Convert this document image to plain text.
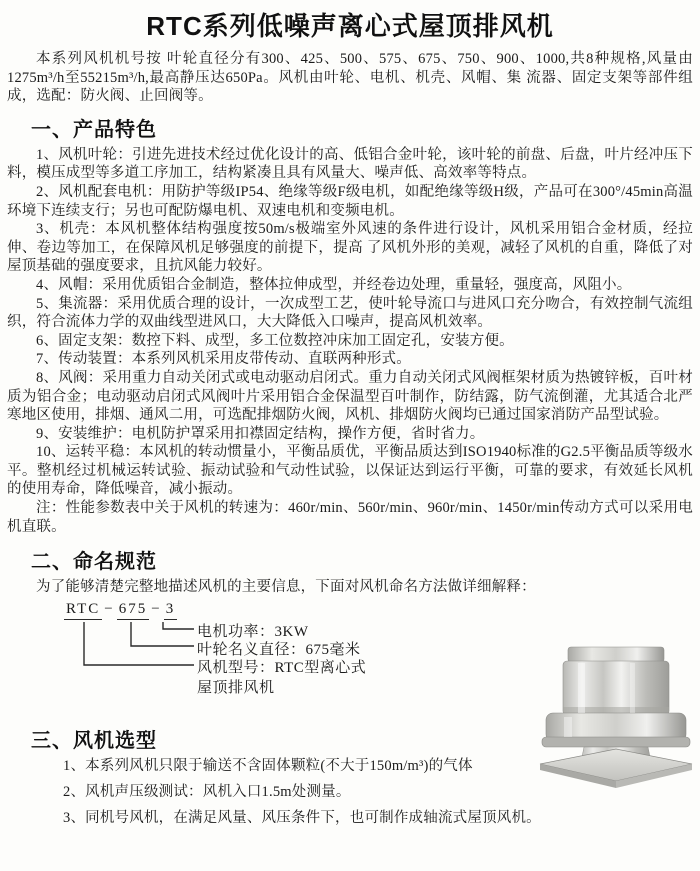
RTC系列低噪声离心式屋顶排风机

本系列风机机号按 叶轮直径分有300、425、500、575、675、750、900、1000,共8种规格,风量由1275m³/h至55215m³/h,最高静压达650Pa。风机由叶轮、电机、机壳、风帽、集 流器、固定支架等部件组成，选配：防火阀、止回阀等。

一、产品特色

1、风机叶轮：引进先进技术经过优化设计的高、低铝合金叶轮，该叶轮的前盘、后盘，叶片经冲压下料，模压成型等多道工序加工，结构紧凑且具有风量大、噪声低、高效率等特点。

2、风机配套电机：用防护等级IP54、绝缘等级F级电机，如配绝缘等级H级，产品可在300°/45min高温环境下连续支行；另也可配防爆电机、双速电机和变频电机。

3、机壳：本风机整体结构强度按50m/s极端室外风速的条件进行设计，风机采用铝合金材质，经拉伸、卷边等加工，在保障风机足够强度的前提下，提高 了风机外形的美观，减轻了风机的自重，降低了对屋顶基础的强度要求，且抗风能力较好。

4、风帽：采用优质铝合金制造，整体拉伸成型，并经卷边处理，重量轻，强度高，风阻小。

5、集流器：采用优质合理的设计，一次成型工艺，使叶轮导流口与进风口充分吻合，有效控制气流组织，符合流体力学的双曲线型进风口，大大降低入口噪声，提高风机效率。

6、固定支架：数控下料、成型，多工位数控冲床加工固定孔，安装方便。

7、传动装置：本系列风机采用皮带传动、直联两种形式。

8、风阀：采用重力自动关闭式或电动驱动启闭式。重力自动关闭式风阀框架材质为热镀锌板，百叶材质为铝合金；电动驱动启闭式风阀叶片采用铝合金保温型百叶制作，防结露，防气流倒灌，尤其适合北严寒地区使用，排烟、通风二用，可选配排烟防火阀，风机、排烟防火阀均已通过国家消防产品型试验。

9、安装维护：电机防护罩采用扣襟固定结构，操作方便，省时省力。

10、运转平稳：本风机的转动惯量小，平衡品质优，平衡品质达到ISO1940标准的G2.5平衡品质等级水平。整机经过机械运转试验、振动试验和气动性试验，以保证达到运行平衡，可靠的要求，有效延长风机的使用寿命，降低噪音，减小振动。

注：性能参数表中关于风机的转速为：460r/min、560r/min、960r/min、1450r/min传动方式可以采用电机直联。

二、命名规范

为了能够清楚完整地描述风机的主要信息，下面对风机命名方法做详细解释：

RTC − 675 − 3
电机功率：3KW
叶轮名义直径：675毫米
风机型号：RTC型离心式
屋顶排风机
三、风机选型

1、本系列风机只限于输送不含固体颗粒(不大于150m/m³)的气体

2、风机声压级测试：风机入口1.5m处测量。

3、同机号风机，在满足风量、风压条件下，也可制作成轴流式屋顶风机。
